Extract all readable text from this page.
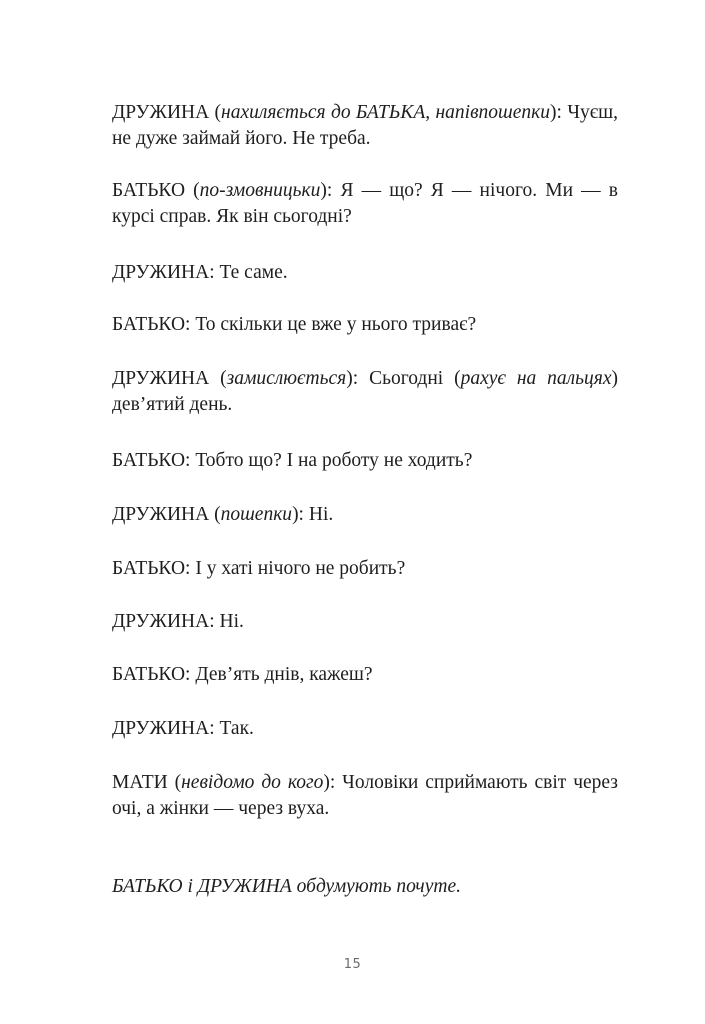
ДРУЖИНА (нахиляється до БАТЬКА, напівпошепки): Чуєш, не дуже займай його. Не треба.

БАТЬКО (по-змовницьки): Я — що? Я — нічого. Ми — в курсі справ. Як він сьогодні?

ДРУЖИНА: Те саме.

БАТЬКО: То скільки це вже у нього триває?

ДРУЖИНА (замислюється): Сьогодні (рахує на пальцях) дев’ятий день.

БАТЬКО: Тобто що? І на роботу не ходить?

ДРУЖИНА (пошепки): Ні.

БАТЬКО: І у хаті нічого не робить?

ДРУЖИНА: Ні.

БАТЬКО: Дев’ять днів, кажеш?

ДРУЖИНА: Так.

МАТИ (невідомо до кого): Чоловіки сприймають світ через очі, а жінки — через вуха.

БАТЬКО і ДРУЖИНА обдумують почуте.

15
